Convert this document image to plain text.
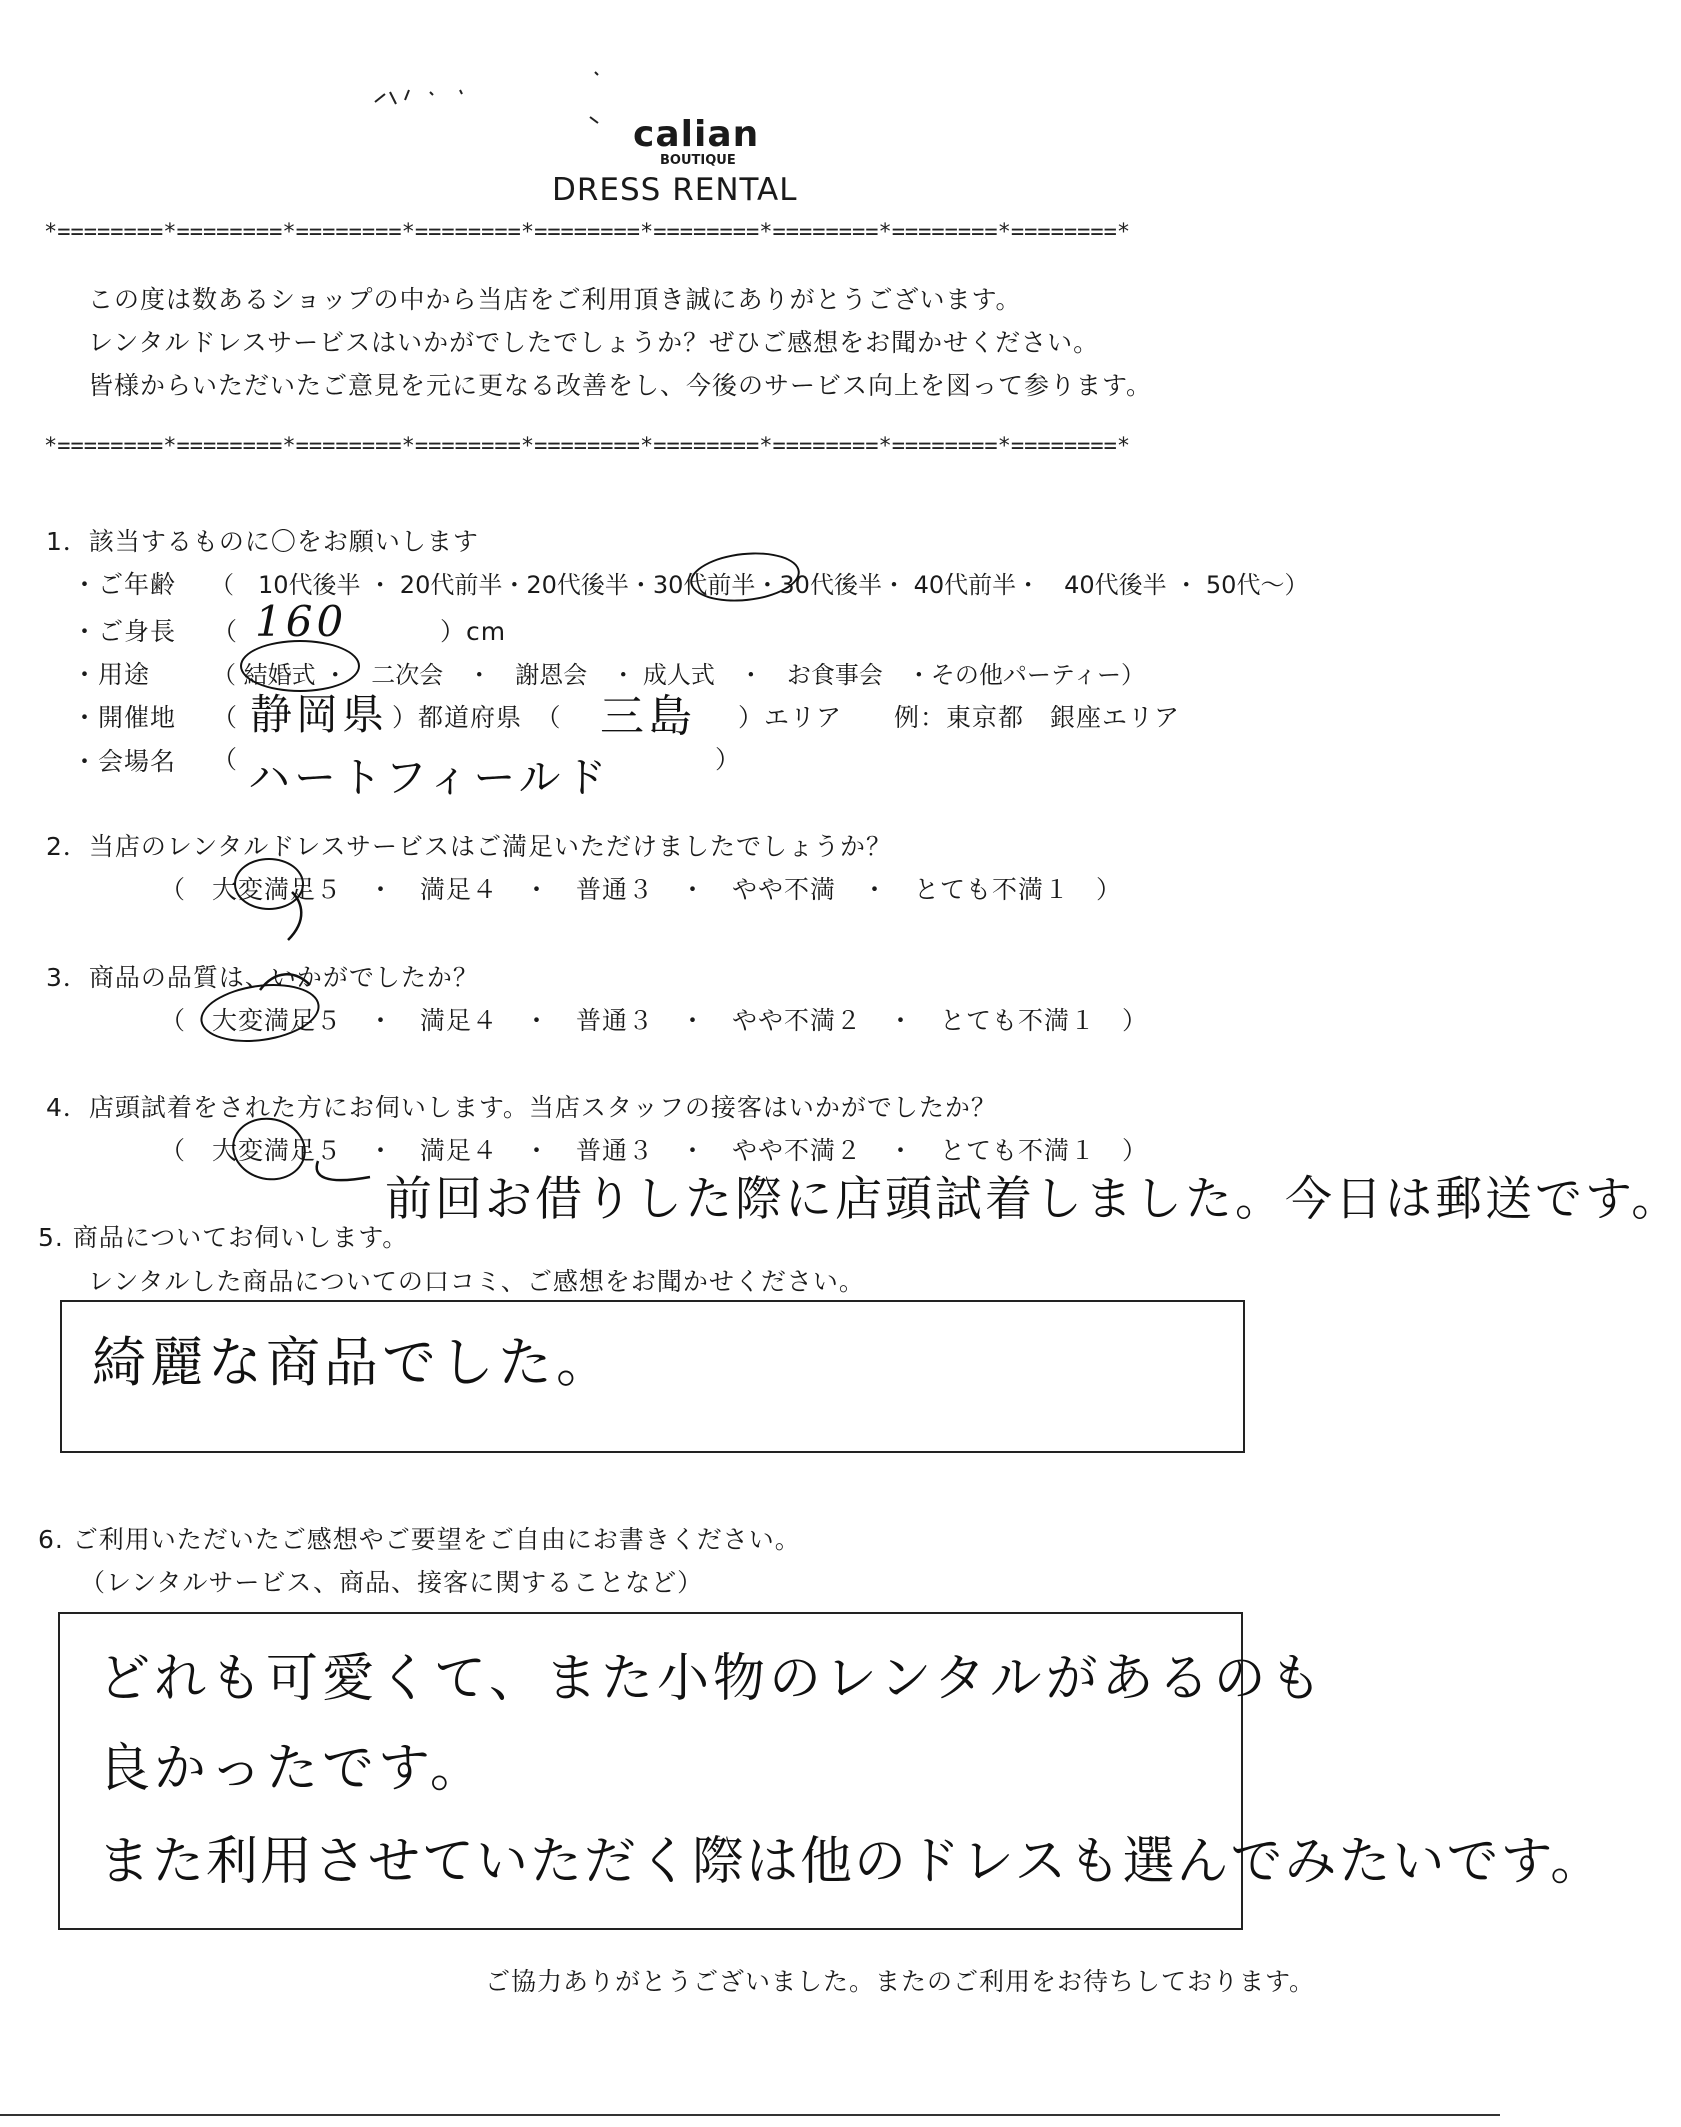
calian
BOUTIQUE
DRESS RENTAL
*========*========*========*========*========*========*========*========*========*
この度は数あるショップの中から当店をご利用頂き誠にありがとうございます。
レンタルドレスサービスはいかがでしたでしょうか？ぜひご感想をお聞かせください。
皆様からいただいたご意見を元に更なる改善をし、今後のサービス向上を図って参ります。
*========*========*========*========*========*========*========*========*========*
1．該当するものに〇をお願いします
・ご年齢 （　10代後半 ・ 20代前半・20代後半・30代前半・30代後半・ 40代前半・　40代後半 ・ 50代～）
・ご身長 （ 160	）cm
・用途	（ 結婚式 ・　二次会　・　謝恩会　・ 成人式　・　お食事会　・その他パーティー）
・開催地 （ 静岡県 ）都道府県　（ 三島 ）エリア　　例：東京都　銀座エリア
・会場名 （ ハートフィールド	）
2．当店のレンタルドレスサービスはご満足いただけましたでしょうか？
（　大変満足５　・　満足４　・　普通３　・　やや不満　・　とても不満１　）
3．商品の品質は、いかがでしたか？
（　大変満足５　・　満足４　・　普通３　・　やや不満２　・　とても不満１　）
4．店頭試着をされた方にお伺いします。当店スタッフの接客はいかがでしたか？
（　大変満足５　・　満足４　・　普通３　・　やや不満２　・　とても不満１　）
前回お借りした際に店頭試着しました。今日は郵送です。
5. 商品についてお伺いします。
レンタルした商品についての口コミ、ご感想をお聞かせください。
綺麗な商品でした。
6. ご利用いただいたご感想やご要望をご自由にお書きください。
（レンタルサービス、商品、接客に関することなど）
どれも可愛くて、また小物のレンタルがあるのも
良かったです。
また利用させていただく際は他のドレスも選んでみたいです。
ご協力ありがとうございました。またのご利用をお待ちしております。
